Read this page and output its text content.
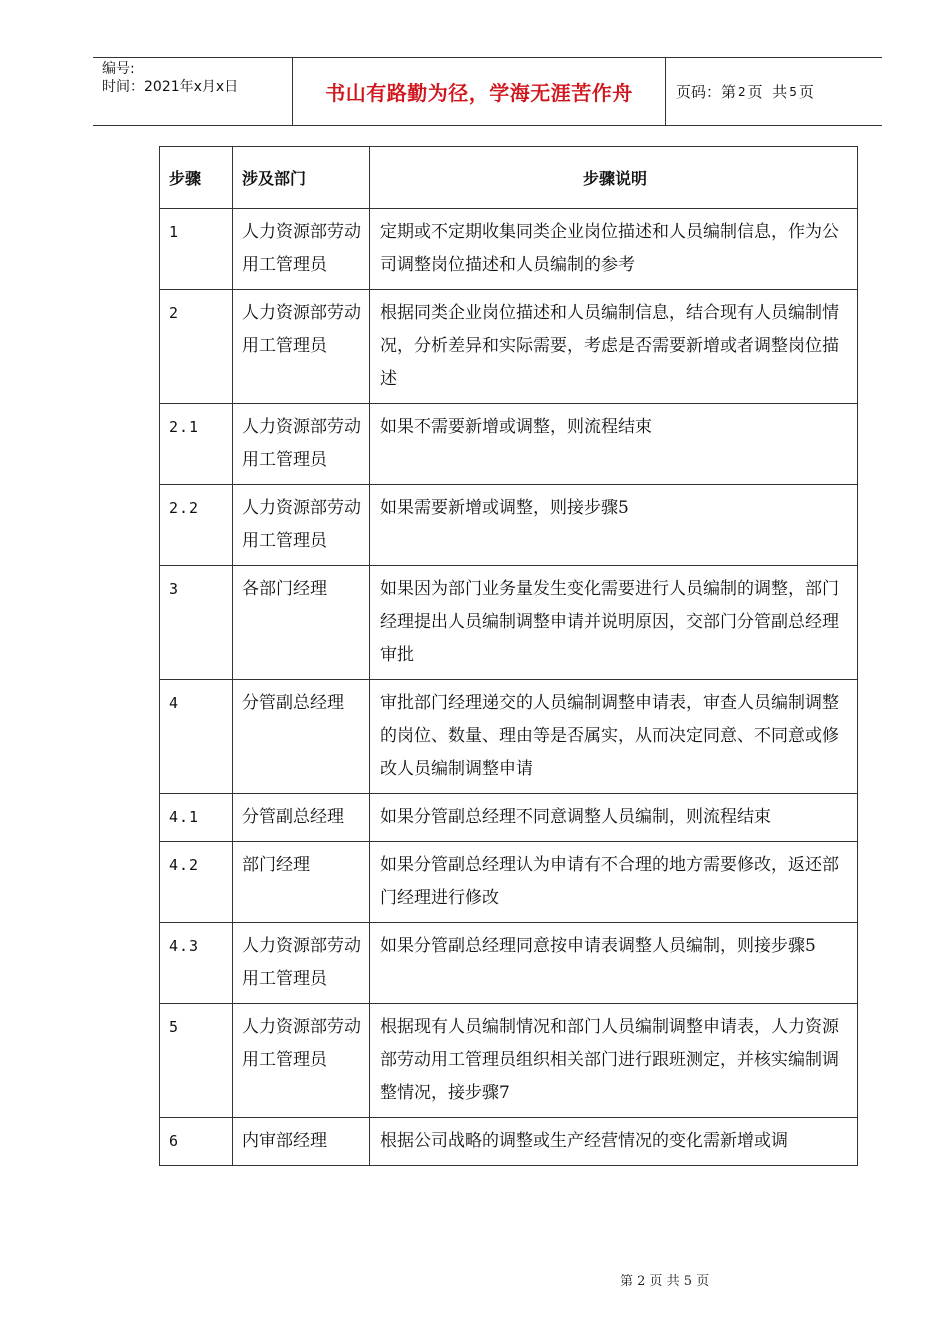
编号:
时间：2021年x月x日	书山有路勤为径，学海无涯苦作舟	页码：第 2 页  共 5 页
步骤	涉及部门	步骤说明
1	人力资源部劳动用工管理员	定期或不定期收集同类企业岗位描述和人员编制信息，作为公司调整岗位描述和人员编制的参考
2	人力资源部劳动用工管理员	根据同类企业岗位描述和人员编制信息，结合现有人员编制情况，分析差异和实际需要，考虑是否需要新增或者调整岗位描述
2.1	人力资源部劳动用工管理员	如果不需要新增或调整，则流程结束
2.2	人力资源部劳动用工管理员	如果需要新增或调整，则接步骤5
3	各部门经理	如果因为部门业务量发生变化需要进行人员编制的调整，部门经理提出人员编制调整申请并说明原因，交部门分管副总经理审批
4	分管副总经理	审批部门经理递交的人员编制调整申请表，审查人员编制调整的岗位、数量、理由等是否属实，从而决定同意、不同意或修改人员编制调整申请
4.1	分管副总经理	如果分管副总经理不同意调整人员编制，则流程结束
4.2	部门经理	如果分管副总经理认为申请有不合理的地方需要修改，返还部门经理进行修改
4.3	人力资源部劳动用工管理员	如果分管副总经理同意按申请表调整人员编制，则接步骤5
5	人力资源部劳动用工管理员	根据现有人员编制情况和部门人员编制调整申请表，人力资源部劳动用工管理员组织相关部门进行跟班测定，并核实编制调整情况，接步骤7
6	内审部经理	根据公司战略的调整或生产经营情况的变化需新增或调
第 2 页 共 5 页
